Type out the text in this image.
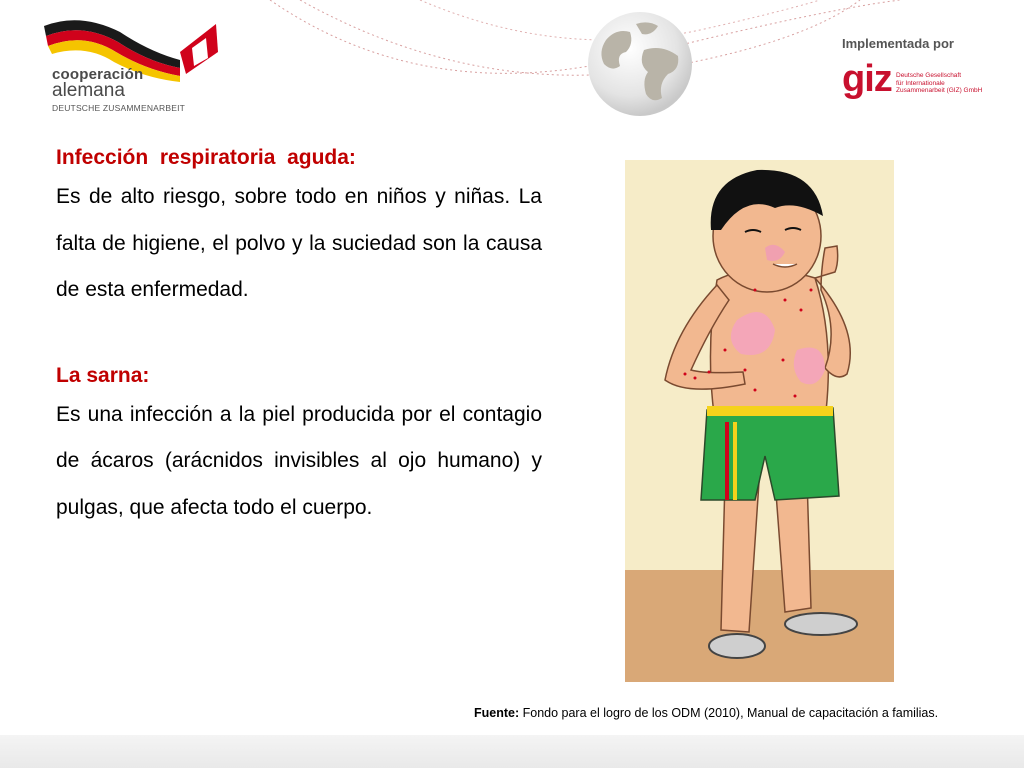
cooperación
alemana
DEUTSCHE ZUSAMMENARBEIT
Implementada por
giz Deutsche Gesellschaft
für Internationale
Zusammenarbeit (GIZ) GmbH
Infección  respiratoria  aguda:
Es de alto riesgo, sobre todo en niños y niñas. La falta de higiene, el polvo y la suciedad son la causa de esta enfermedad.
La sarna:
Es una infección a la piel producida por el contagio de ácaros (arácnidos invisibles al ojo humano) y pulgas, que afecta todo el cuerpo.
Fuente: Fondo para el logro de los ODM (2010), Manual de capacitación a familias.
